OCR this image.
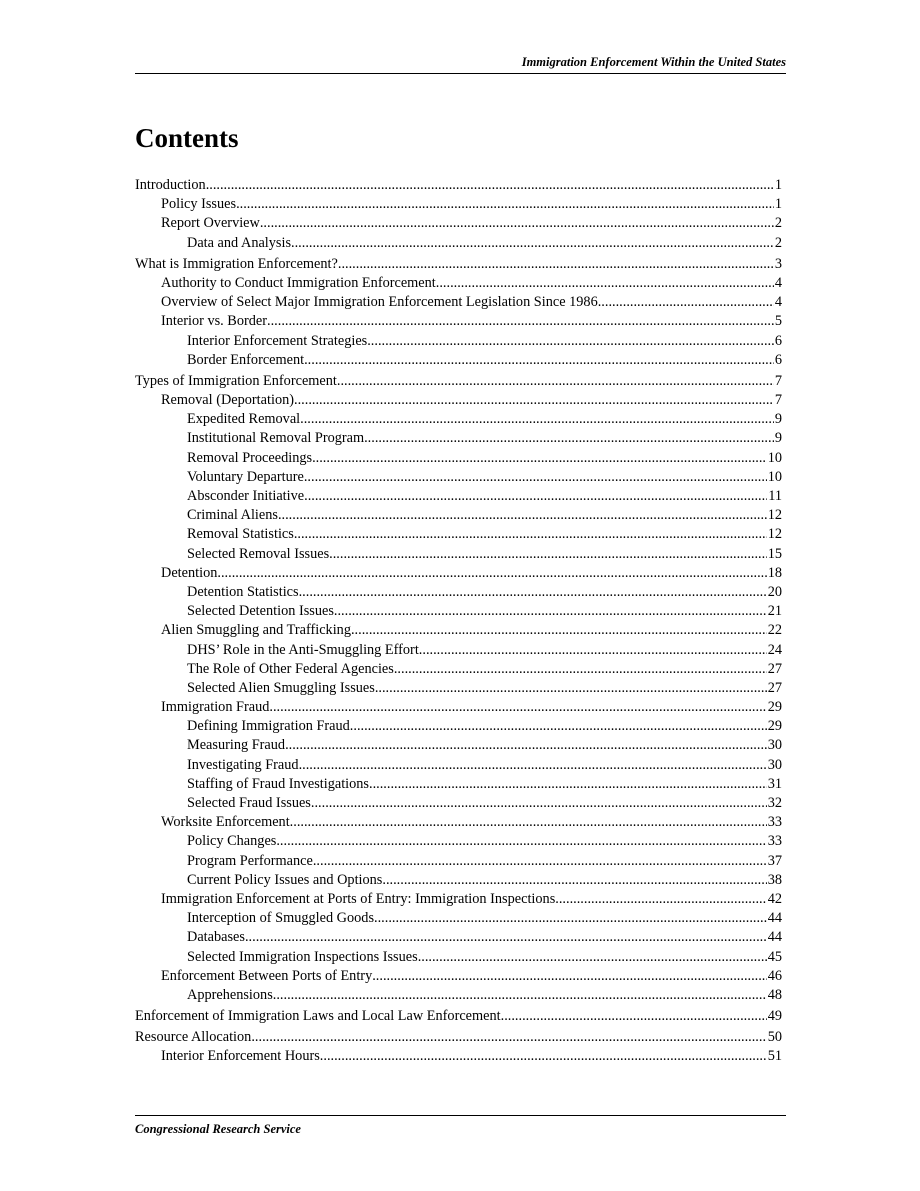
Immigration Enforcement Within the United States
Contents
Introduction .....	1
Policy Issues .....	1
Report Overview .....	2
Data and Analysis .....	2
What is Immigration Enforcement? .....	3
Authority to Conduct Immigration Enforcement .....	4
Overview of Select Major Immigration Enforcement Legislation Since 1986 .....	4
Interior vs. Border .....	5
Interior Enforcement Strategies .....	6
Border Enforcement .....	6
Types of Immigration Enforcement .....	7
Removal (Deportation) .....	7
Expedited Removal .....	9
Institutional Removal Program .....	9
Removal Proceedings .....	10
Voluntary Departure .....	10
Absconder Initiative .....	11
Criminal Aliens .....	12
Removal Statistics .....	12
Selected Removal Issues .....	15
Detention .....	18
Detention Statistics .....	20
Selected Detention Issues .....	21
Alien Smuggling and Trafficking .....	22
DHS’ Role in the Anti-Smuggling Effort .....	24
The Role of Other Federal Agencies .....	27
Selected Alien Smuggling Issues .....	27
Immigration Fraud .....	29
Defining Immigration Fraud .....	29
Measuring Fraud .....	30
Investigating Fraud .....	30
Staffing of Fraud Investigations .....	31
Selected Fraud Issues .....	32
Worksite Enforcement .....	33
Policy Changes .....	33
Program Performance .....	37
Current Policy Issues and Options .....	38
Immigration Enforcement at Ports of Entry: Immigration Inspections .....	42
Interception of Smuggled Goods .....	44
Databases .....	44
Selected Immigration Inspections Issues .....	45
Enforcement Between Ports of Entry .....	46
Apprehensions .....	48
Enforcement of Immigration Laws and Local Law Enforcement .....	49
Resource Allocation .....	50
Interior Enforcement Hours .....	51
Congressional Research Service
